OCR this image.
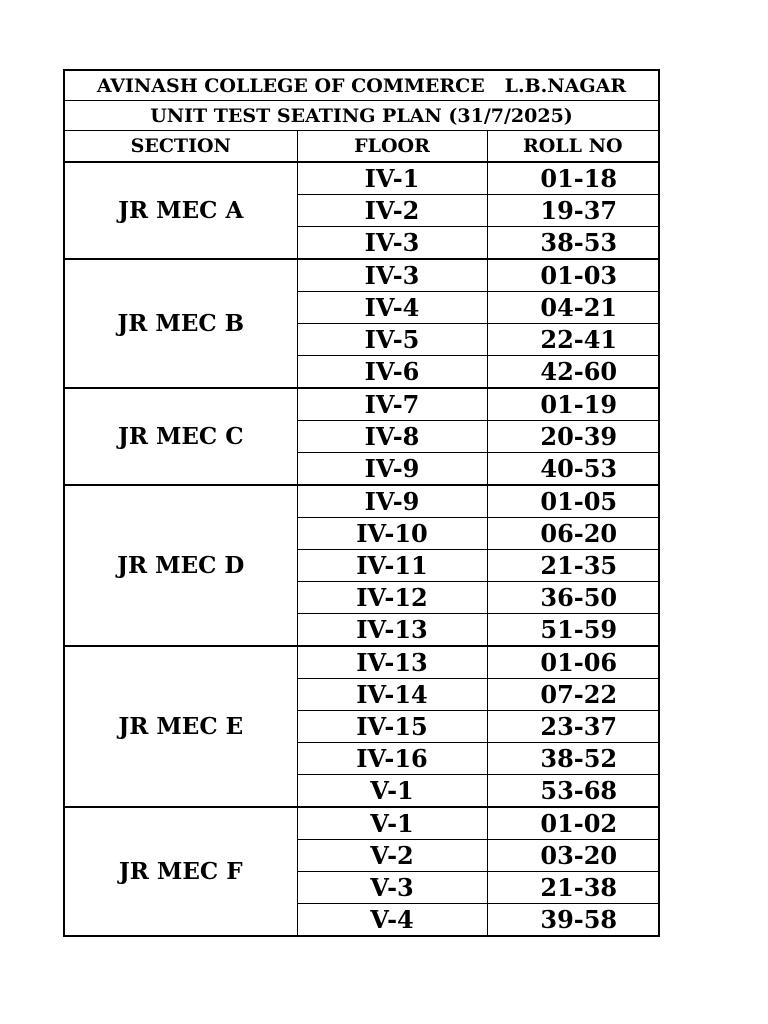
AVINASH COLLEGE OF COMMERCE   L.B.NAGAR		
UNIT TEST SEATING PLAN (31/7/2025)		
SECTION	FLOOR	ROLL NO
JR MEC A	IV-1	01-18
	IV-2	19-37
	IV-3	38-53
JR MEC B	IV-3	01-03
	IV-4	04-21
	IV-5	22-41
	IV-6	42-60
JR MEC C	IV-7	01-19
	IV-8	20-39
	IV-9	40-53
JR MEC D	IV-9	01-05
	IV-10	06-20
	IV-11	21-35
	IV-12	36-50
	IV-13	51-59
JR MEC E	IV-13	01-06
	IV-14	07-22
	IV-15	23-37
	IV-16	38-52
	V-1	53-68
JR MEC F	V-1	01-02
	V-2	03-20
	V-3	21-38
	V-4	39-58
